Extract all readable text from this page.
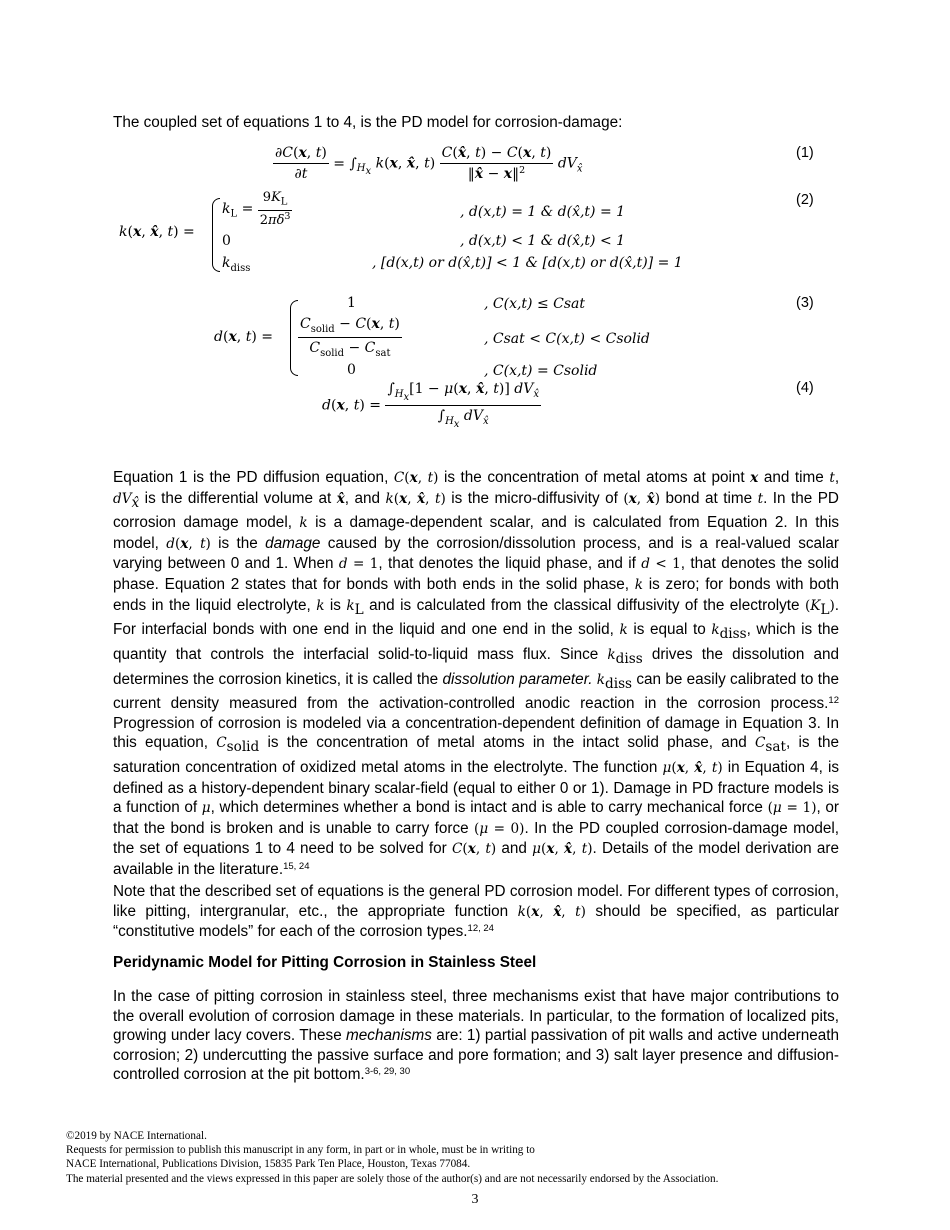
The coupled set of equations 1 to 4, is the PD model for corrosion-damage:
$\frac{\partial C(x, t)}{\partial t} = \int_{H_x}$ k(x, x̂, $t) \frac{C(x̂, t) - C(x, t)}{‖x̂ - x‖^2} dV_{x̂}$
(1)
k(x, x̂, t) =
$k_L = \frac{9K_L}{2\pi\delta^3}$	, d(x,t) = 1 & d(x̂,t) = 1
0	, d(x,t) < 1 & d(x̂,t) < 1
$k_{diss}$	, [d(x,t) or d(x̂,t)] < 1 & [d(x,t) or d(x̂,t)] = 1
(2)
d(x, t) =
1	, C(x,t) ≤ Csat
$\frac{C_{solid} - C(x, t)}{C_{solid} - C_{sat}}$	, Csat < C(x,t) < Csolid
0	, C(x,t) = Csolid
(3)
d(x, $t) = \frac{\int_{H_x}[1 - \mu(x, x̂, t)] dV_{x̂}}{\int_{H_x} dV_{x̂}}$	(4)
Equation 1 is the PD diffusion equation, C(x, t) is the concentration of metal atoms at point x and time t, $dV_{x̂}$ is the differential volume at x̂, and k(x, x̂, t) is the micro-diffusivity of (x, x̂) bond at time t. In the PD corrosion damage model, k is a damage-dependent scalar, and is calculated from Equation 2. In this model, d(x, t) is the damage caused by the corrosion/dissolution process, and is a real-valued scalar varying between 0 and 1. When d = 1, that denotes the liquid phase, and if d < 1, that denotes the solid phase. Equation 2 states that for bonds with both ends in the solid phase, k is zero; for bonds with both ends in the liquid electrolyte, k is $k_L$ and is calculated from the classical diffusivity of the electrolyte $(K_L)$. For interfacial bonds with one end in the liquid and one end in the solid, k is equal to $k_{diss}$, which is the quantity that controls the interfacial solid-to-liquid mass flux. Since $k_{diss}$ drives the dissolution and determines the corrosion kinetics, it is called the dissolution parameter. $k_{diss}$ can be easily calibrated to the current density measured from the activation-controlled anodic reaction in the corrosion process.$^{12}$ Progression of corrosion is modeled via a concentration-dependent definition of damage in Equation 3. In this equation, $C_{solid}$ is the concentration of metal atoms in the intact solid phase, and $C_{sat}$, is the saturation concentration of oxidized metal atoms in the electrolyte. The function μ(x, x̂, t) in Equation 4, is defined as a history-dependent binary scalar-field (equal to either 0 or 1). Damage in PD fracture models is a function of μ, which determines whether a bond is intact and is able to carry mechanical force (μ = 1), or that the bond is broken and is unable to carry force (μ = 0). In the PD coupled corrosion-damage model, the set of equations 1 to 4 need to be solved for C(x, t) and μ(x, x̂, t). Details of the model derivation are available in the literature.$^{15, 24}$
Note that the described set of equations is the general PD corrosion model. For different types of corrosion, like pitting, intergranular, etc., the appropriate function k(x, x̂, t) should be specified, as particular “constitutive models” for each of the corrosion types.$^{12, 24}$
Peridynamic Model for Pitting Corrosion in Stainless Steel
In the case of pitting corrosion in stainless steel, three mechanisms exist that have major contributions to the overall evolution of corrosion damage in these materials. In particular, to the formation of localized pits, growing under lacy covers. These mechanisms are: 1) partial passivation of pit walls and active underneath corrosion; 2) undercutting the passive surface and pore formation; and 3) salt layer presence and diffusion-controlled corrosion at the pit bottom.$^{3-6, 29, 30}$
©2019 by NACE International.
Requests for permission to publish this manuscript in any form, in part or in whole, must be in writing to
NACE International, Publications Division, 15835 Park Ten Place, Houston, Texas 77084.
The material presented and the views expressed in this paper are solely those of the author(s) and are not necessarily endorsed by the Association.
3
